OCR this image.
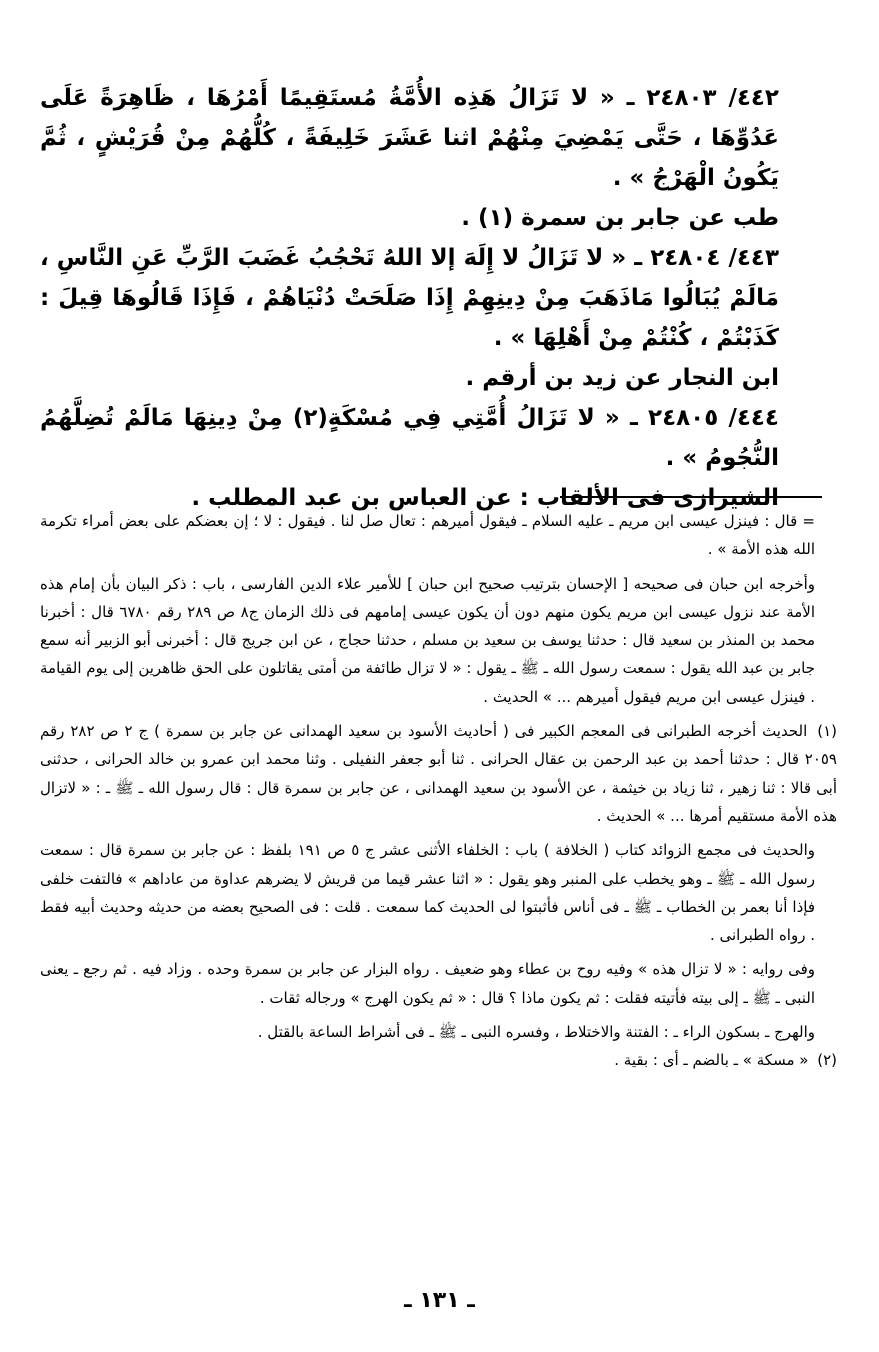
٤٤٢/ ٢٤٨٠٣ ـ « لا تَزَالُ هَذِه الأُمَّةُ مُستَقِيمًا أَمْرُهَا ، ظَاهِرَةً عَلَى عَدُوِّهَا ، حَتَّى يَمْضِيَ مِنْهُمْ اثنا عَشَرَ خَلِيفَةً ، كُلُّهُمْ مِنْ قُرَيْشٍ ، ثُمَّ يَكُونُ الْهَرْجُ » .
طب عن جابر بن سمرة (١) .
٤٤٣/ ٢٤٨٠٤ ـ « لا تَزَالُ لا إِلَهَ إلا اللهُ تَحْجُبُ غَضَبَ الرَّبِّ عَنِ النَّاسِ ، مَالَمْ يُبَالُوا مَاذَهَبَ مِنْ دِينِهِمْ إِذَا صَلَحَتْ دُنْيَاهُمْ ، فَإِذَا قَالُوهَا قِيلَ : كَذَبْتُمْ ، كُنْتُمْ مِنْ أَهْلِهَا » .
ابن النجار عن زيد بن أرقم .
٤٤٤/ ٢٤٨٠٥ ـ « لا تَزَالُ أُمَّتِي فِي مُسْكَةٍ(٢) مِنْ دِينِهَا مَالَمْ تُضِلَّهُمُ النُّجُومُ » .
الشيرازى فى الألقاب : عن العباس بن عبد المطلب .

= قال : فينزل عيسى ابن مريم ـ عليه السلام ـ فيقول أميرهم : تعال صل لنا . فيقول : لا ؛ إن بعضكم على بعض أمراء تكرمة الله هذه الأمة » .

وأخرجه ابن حبان فى صحيحه [ الإحسان بترتيب صحيح ابن حبان ] للأمير علاء الدين الفارسى ، باب : ذكر البيان بأن إمام هذه الأمة عند نزول عيسى ابن مريم يكون منهم دون أن يكون عيسى إمامهم فى ذلك الزمان ج٨ ص ٢٨٩ رقم ٦٧٨٠ قال : أخبرنا محمد بن المنذر بن سعيد قال : حدثنا يوسف بن سعيد بن مسلم ، حدثنا حجاج ، عن ابن جريج قال : أخبرنى أبو الزبير أنه سمع جابر بن عبد الله يقول : سمعت رسول الله ـ ﷺ ـ يقول : « لا تزال طائفة من أمتى يقاتلون على الحق ظاهرين إلى يوم القيامة . فينزل عيسى ابن مريم فيقول أميرهم ... » الحديث .

(١) الحديث أخرجه الطبرانى فى المعجم الكبير فى ( أحاديث الأسود بن سعيد الهمدانى عن جابر بن سمرة ) ج ٢ ص ٢٨٢ رقم ٢٠٥٩ قال : حدثنا أحمد بن عبد الرحمن بن عقال الحرانى . ثنا أبو جعفر النفيلى . وثنا محمد ابن عمرو بن خالد الحرانى ، حدثنى أبى قالا : ثنا زهير ، ثنا زياد بن خيثمة ، عن الأسود بن سعيد الهمدانى ، عن جابر بن سمرة قال : قال رسول الله ـ ﷺ ـ : « لاتزال هذه الأمة مستقيم أمرها ... » الحديث .

والحديث فى مجمع الزوائد كتاب ( الخلافة ) باب : الخلفاء الأثنى عشر ج ٥ ص ١٩١ بلفظ : عن جابر بن سمرة قال : سمعت رسول الله ـ ﷺ ـ وهو يخطب على المنبر وهو يقول : « اثنا عشر قيما من قريش لا يضرهم عداوة من عاداهم » فالتفت خلفى فإذا أنا بعمر بن الخطاب ـ ﷺ ـ فى أناس فأثبتوا لى الحديث كما سمعت . قلت : فى الصحيح بعضه من حديثه وحديث أبيه فقط . رواه الطبرانى .

وفى روايه : « لا تزال هذه » وفيه روح بن عطاء وهو ضعيف . رواه البزار عن جابر بن سمرة وحده . وزاد فيه . ثم رجع ـ يعنى النبى ـ ﷺ ـ إلى بيته فأتيته فقلت : ثم يكون ماذا ؟ قال : « ثم يكون الهرج » ورجاله ثقات .

والهرج ـ بسكون الراء ـ : الفتنة والاختلاط ، وفسره النبى ـ ﷺ ـ فى أشراط الساعة بالقتل .

(٢) « مسكة » ـ بالضم ـ أى : بقية .

ـ ١٣١ ـ
